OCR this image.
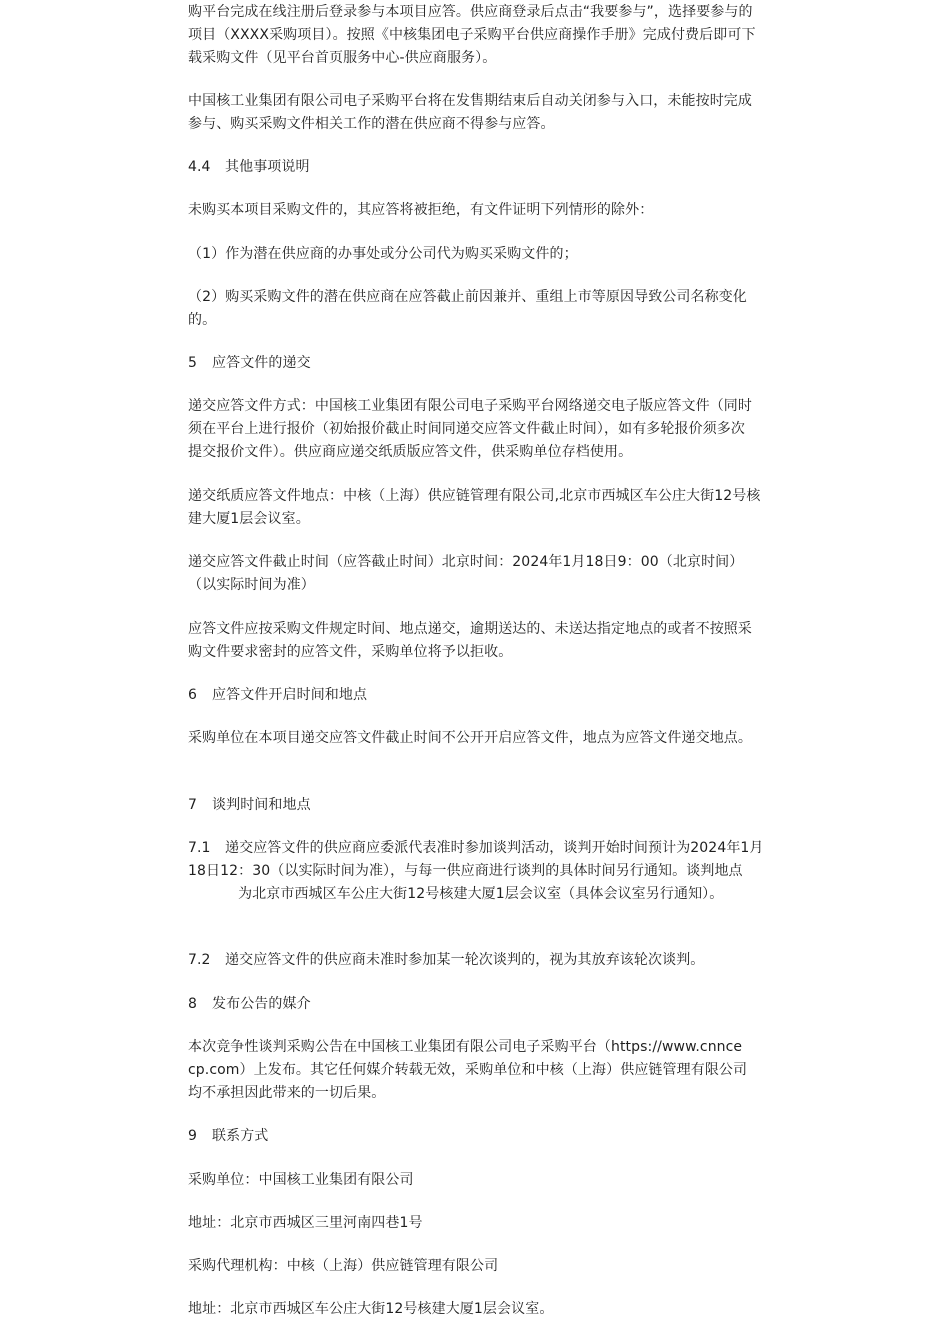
购平台完成在线注册后登录参与本项目应答。供应商登录后点击“我要参与”，选择要参与的项目（XXXX采购项目）。按照《中核集团电子采购平台供应商操作手册》完成付费后即可下载采购文件（见平台首页服务中心-供应商服务）。

中国核工业集团有限公司电子采购平台将在发售期结束后自动关闭参与入口，未能按时完成参与、购买采购文件相关工作的潜在供应商不得参与应答。

4.4 其他事项说明

未购买本项目采购文件的，其应答将被拒绝，有文件证明下列情形的除外：

（1）作为潜在供应商的办事处或分公司代为购买采购文件的；

（2）购买采购文件的潜在供应商在应答截止前因兼并、重组上市等原因导致公司名称变化的。

5 应答文件的递交

递交应答文件方式：中国核工业集团有限公司电子采购平台网络递交电子版应答文件（同时须在平台上进行报价（初始报价截止时间同递交应答文件截止时间），如有多轮报价须多次提交报价文件）。供应商应递交纸质版应答文件，供采购单位存档使用。

递交纸质应答文件地点：中核（上海）供应链管理有限公司,北京市西城区车公庄大街12号核建大厦1层会议室。

递交应答文件截止时间（应答截止时间）北京时间：2024年1月18日9：00（北京时间）（以实际时间为准）

应答文件应按采购文件规定时间、地点递交，逾期送达的、未送达指定地点的或者不按照采购文件要求密封的应答文件，采购单位将予以拒收。

6 应答文件开启时间和地点

采购单位在本项目递交应答文件截止时间不公开开启应答文件，地点为应答文件递交地点。

7 谈判时间和地点

7.1 递交应答文件的供应商应委派代表准时参加谈判活动，谈判开始时间预计为2024年1月18日12：30（以实际时间为准），与每一供应商进行谈判的具体时间另行通知。谈判地点           为北京市西城区车公庄大街12号核建大厦1层会议室（具体会议室另行通知）。

7.2 递交应答文件的供应商未准时参加某一轮次谈判的，视为其放弃该轮次谈判。

8 发布公告的媒介

本次竞争性谈判采购公告在中国核工业集团有限公司电子采购平台（https://www.cnncecp.com）上发布。其它任何媒介转载无效，采购单位和中核（上海）供应链管理有限公司均不承担因此带来的一切后果。

9 联系方式

采购单位：中国核工业集团有限公司

地址：北京市西城区三里河南四巷1号

采购代理机构：中核（上海）供应链管理有限公司

地址：北京市西城区车公庄大街12号核建大厦1层会议室。
